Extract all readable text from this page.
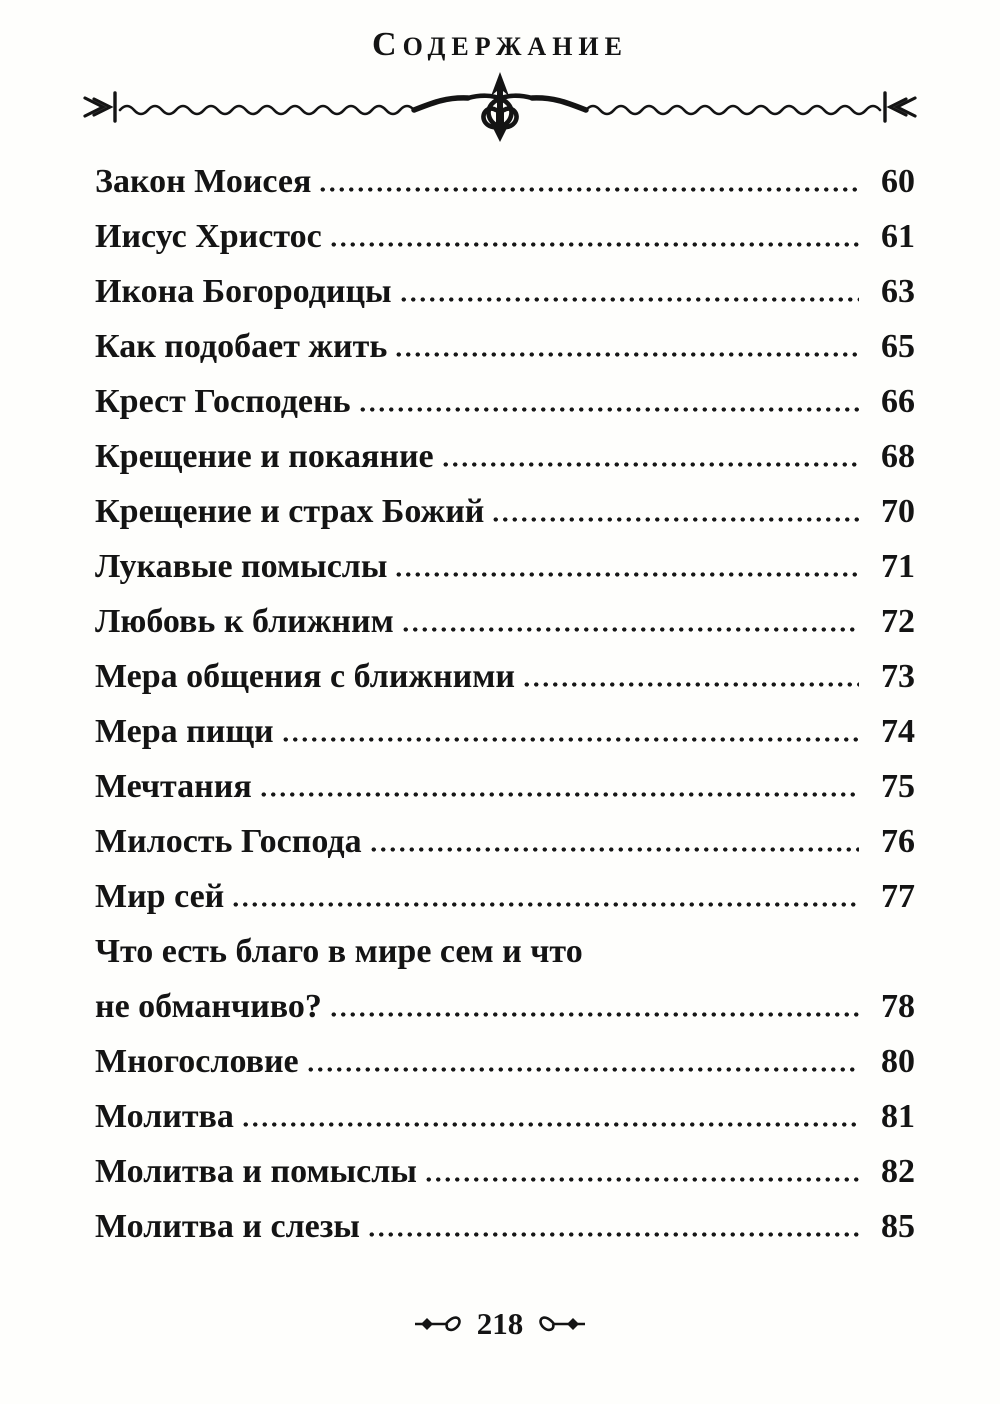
СОДЕРЖАНИЕ
Закон Моисея	60
Иисус Христос	61
Икона Богородицы	63
Как подобает жить	65
Крест Господень	66
Крещение и покаяние	68
Крещение и страх Божий	70
Лукавые помыслы	71
Любовь к ближним	72
Мера общения с ближними	73
Мера пищи	74
Мечтания	75
Милость Господа	76
Мир сей	77
Что есть благо в мире сем и что
не обманчиво?	78
Многословие	80
Молитва	81
Молитва и помыслы	82
Молитва и слезы	85
218
